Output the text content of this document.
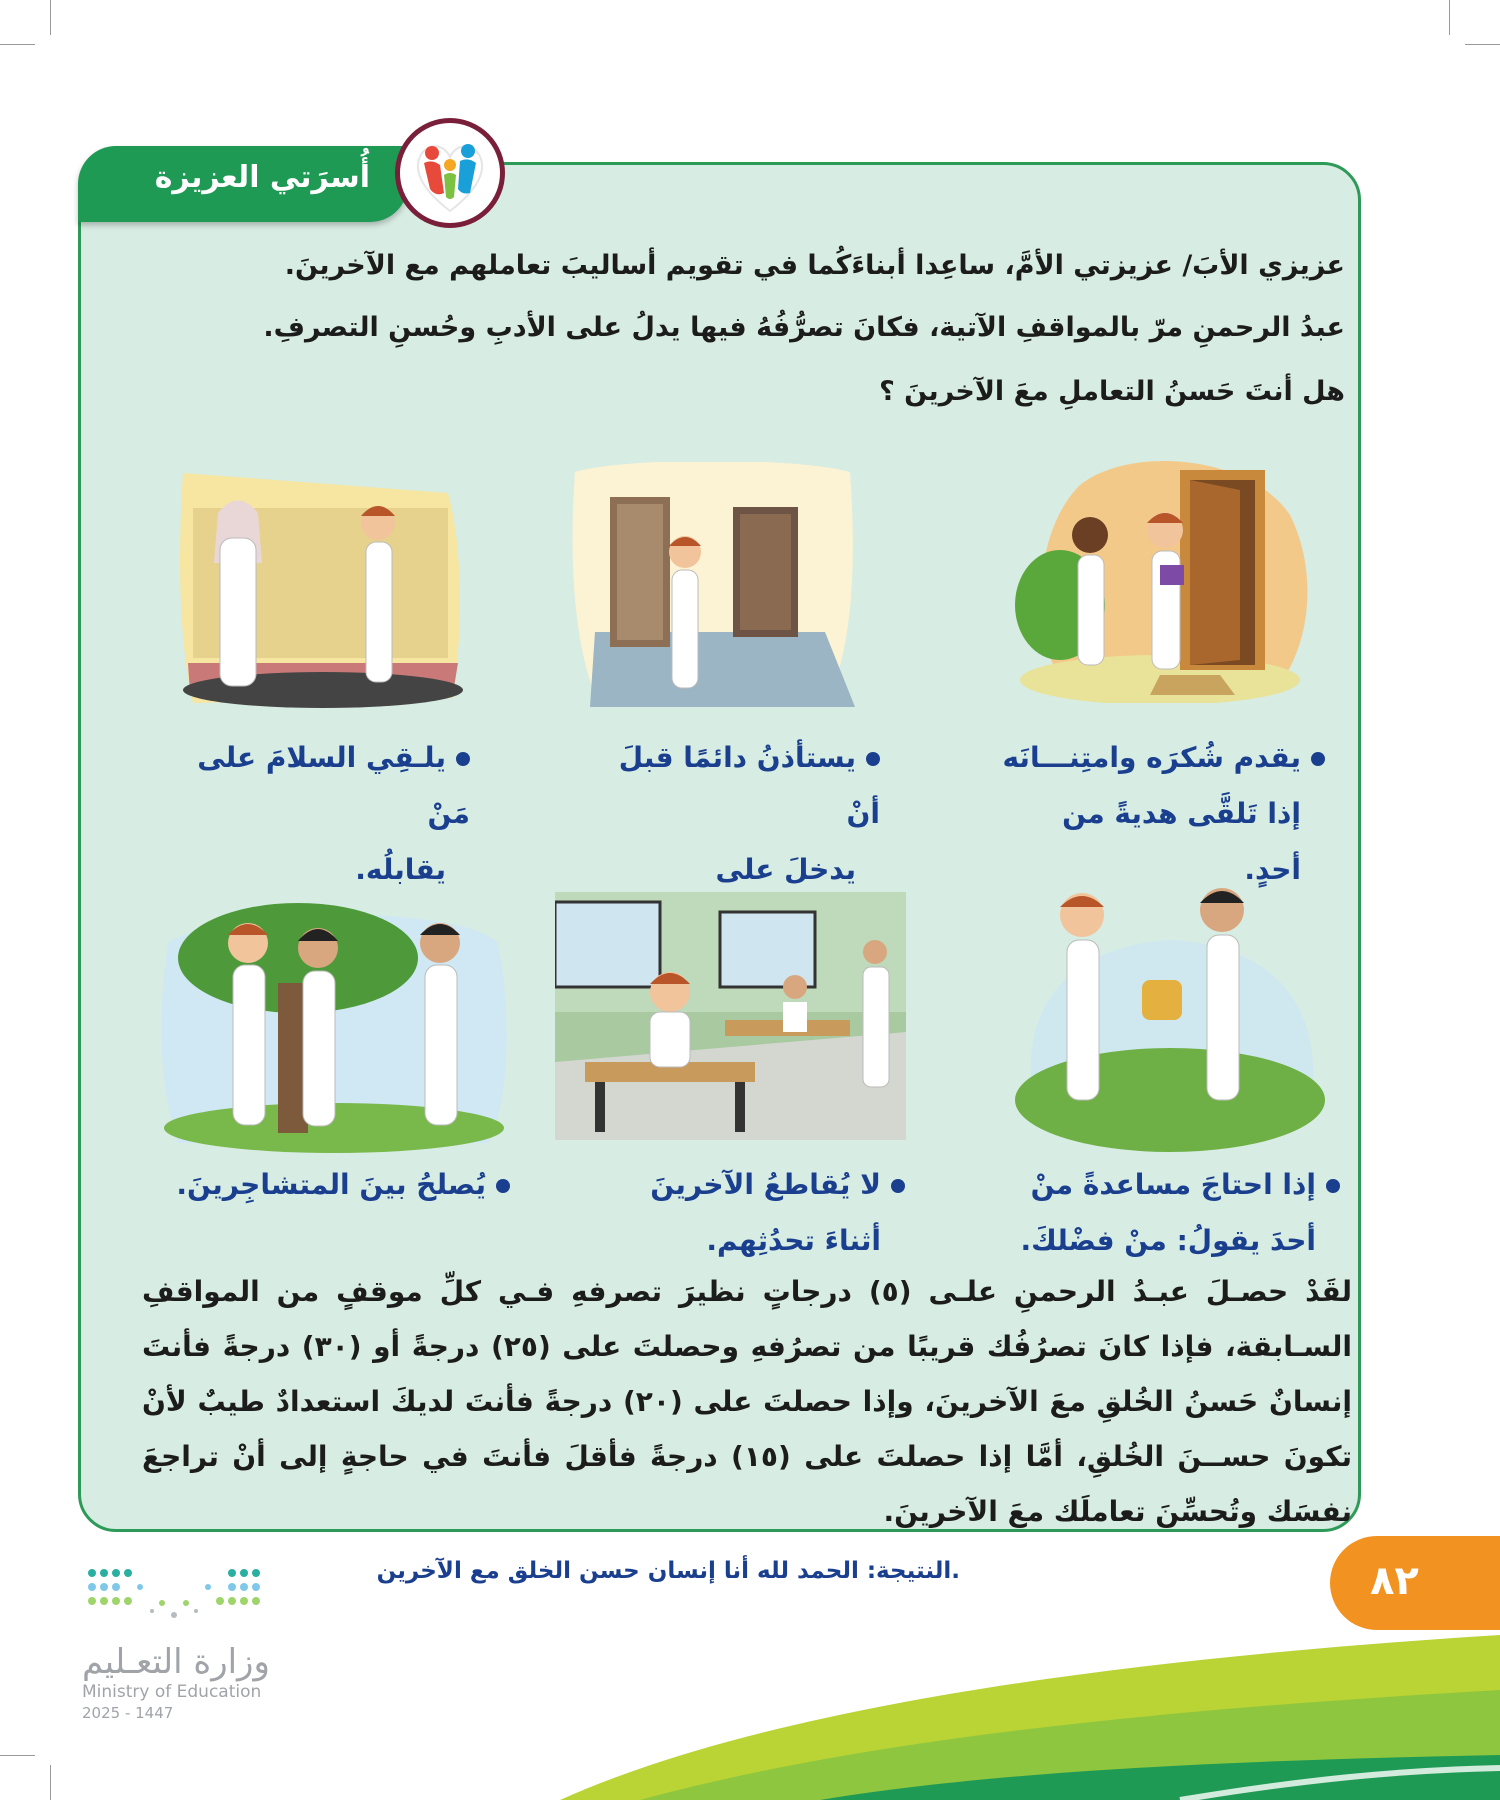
أُسرَتي العزيزة
عزيزي الأبَ/ عزيزتي الأمَّ، ساعِدا أبناءَكُما في تقويم أساليبَ تعاملهم مع الآخرينَ.
عبدُ الرحمنِ مرّ بالمواقفِ الآتية، فكانَ تصرُّفُهُ فيها يدلُ على الأدبِ وحُسنِ التصرفِ.
هل أنتَ حَسنُ التعاملِ معَ الآخرينَ ؟
يقدم شُكرَه وامتِنـــانَه
إذا تَلقَّى هديةً من أحدٍ.
يستأذنُ دائمًا قبلَ أنْ
يدخلَ على
يلـقِي السلامَ على مَنْ
يقابلُه.
إذا احتاجَ مساعدةً منْ
أحدَ يقولُ: منْ فضْلكَ.
لا يُقاطعُ الآخرينَ
أثناءَ تحدُثِهم.
يُصلحُ بينَ المتشاجِرينَ.
لقَدْ حصـلَ عبـدُ الرحمنِ علـى (٥) درجاتٍ نظيرَ تصرفهِ فـي كلِّ موقفٍ من المواقفِ السـابقة، فإذا كانَ تصرُفُك قريبًا من تصرُفهِ وحصلتَ على (٢٥) درجةً أو (٣٠) درجةً فأنتَ إنسانٌ حَسنُ الخُلقِ معَ الآخرينَ، وإذا حصلتَ على (٢٠) درجةً فأنتَ لديكَ استعدادٌ طيبٌ لأنْ تكونَ حســنَ الخُلقِ، أمَّا إذا حصلتَ على (١٥) درجةً فأقلَ فأنتَ في حاجةٍ إلى أنْ تراجعَ نفسَك وتُحسِّنَ تعاملَك معَ الآخرينَ.
.النتيجة: الحمد لله أنا إنسان حسن الخلق مع الآخرين	٨٢
وزارة التعـليم
Ministry of Education
2025 - 1447
